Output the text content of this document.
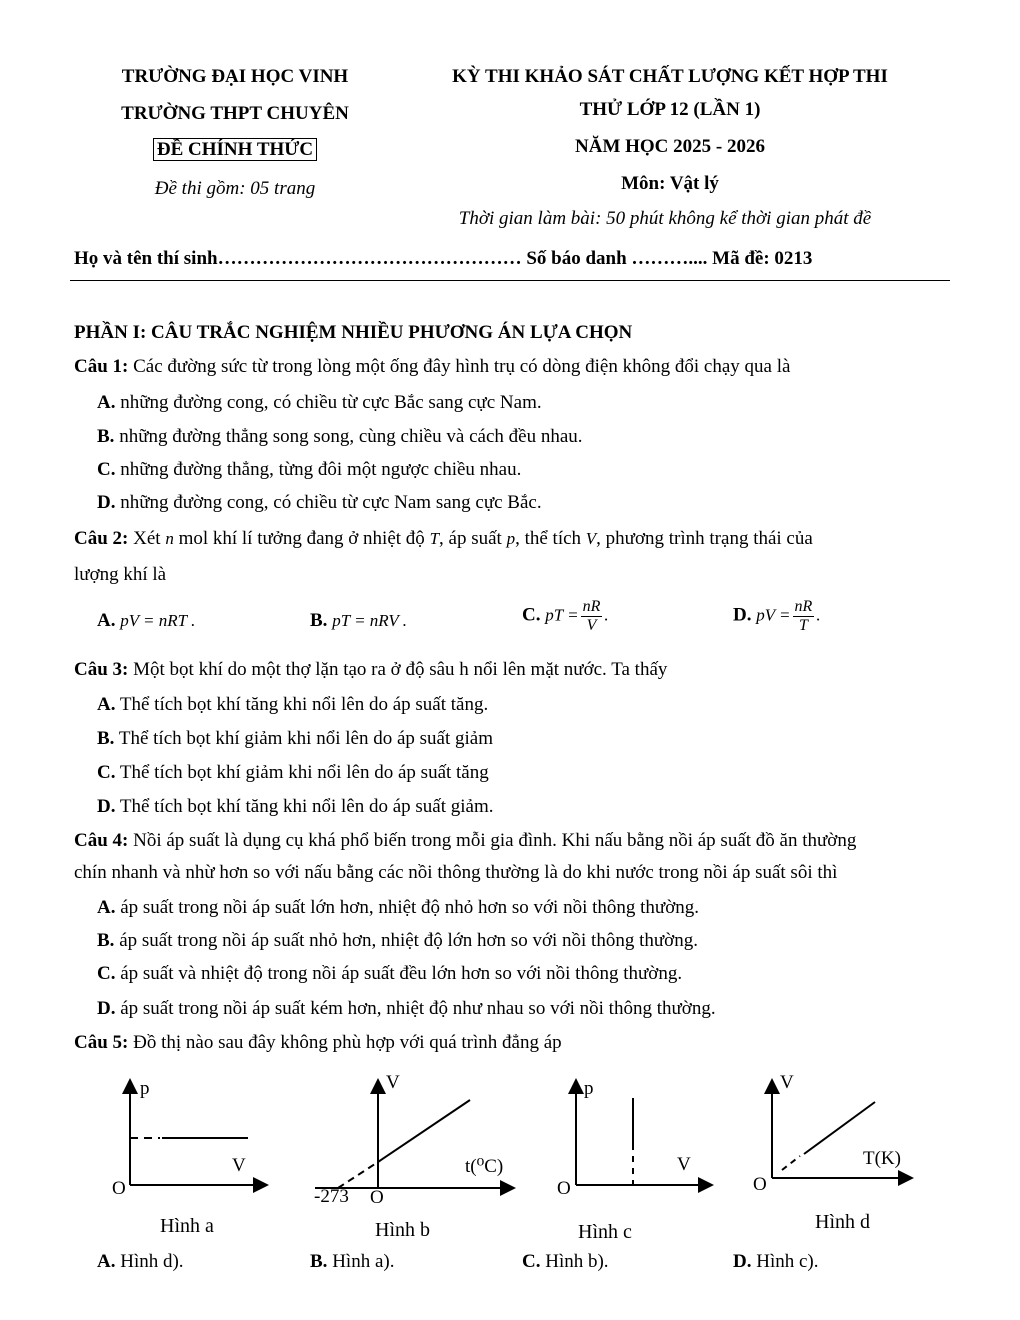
TRƯỜNG ĐẠI HỌC VINH
TRƯỜNG THPT CHUYÊN
ĐỀ CHÍNH THỨC
Đề thi gồm: 05 trang
KỲ THI KHẢO SÁT CHẤT LƯỢNG KẾT HỢP THI
THỬ LỚP 12 (LẦN 1)
NĂM HỌC 2025 - 2026
Môn: Vật lý
Thời gian làm bài: 50 phút không kể thời gian phát đề
Họ và tên thí sinh………………………………………… Số báo danh ……….... Mã đề: 0213
PHẦN I: CÂU TRẮC NGHIỆM NHIỀU PHƯƠNG ÁN LỰA CHỌN
Câu 1: Các đường sức từ trong lòng một ống đây hình trụ có dòng điện không đổi chạy qua là
A. những đường cong, có chiều từ cực Bắc sang cực Nam.
B. những đường thẳng song song, cùng chiều và cách đều nhau.
C. những đường thẳng, từng đôi một ngược chiều nhau.
D. những đường cong, có chiều từ cực Nam sang cực Bắc.
Câu 2: Xét n mol khí lí tưởng đang ở nhiệt độ T, áp suất p, thể tích V, phương trình trạng thái của
lượng khí là
A. pV = nRT .	B. pT = nRV .	C. pT = $\frac{nR}{V}$ .	D. pV = $\frac{nR}{T}$ .
Câu 3: Một bọt khí do một thợ lặn tạo ra ở độ sâu h nổi lên mặt nước. Ta thấy
A. Thể tích bọt khí tăng khi nổi lên do áp suất tăng.
B. Thể tích bọt khí giảm khi nổi lên do áp suất giảm
C. Thể tích bọt khí giảm khi nổi lên do áp suất tăng
D. Thể tích bọt khí tăng khi nổi lên do áp suất giảm.
Câu 4: Nồi áp suất là dụng cụ khá phổ biến trong mỗi gia đình. Khi nấu bằng nồi áp suất đồ ăn thường
chín nhanh và nhừ hơn so với nấu bằng các nồi thông thường là do khi nước trong nồi áp suất sôi thì
A. áp suất trong nồi áp suất lớn hơn, nhiệt độ nhỏ hơn so với nồi thông thường.
B. áp suất trong nồi áp suất nhỏ hơn, nhiệt độ lớn hơn so với nồi thông thường.
C. áp suất và nhiệt độ trong nồi áp suất đều lớn hơn so với nồi thông thường.
D. áp suất trong nồi áp suất kém hơn, nhiệt độ như nhau so với nồi thông thường.
Câu 5: Đồ thị nào sau đây không phù hợp với quá trình đẳng áp
p
V
O
Hình a
V
t(⁰C)
O
-273
Hình b
p
V
O
Hình c
V
T(K)
O
Hình d
A. Hình d).	B. Hình a).	C. Hình b).	D. Hình c).
